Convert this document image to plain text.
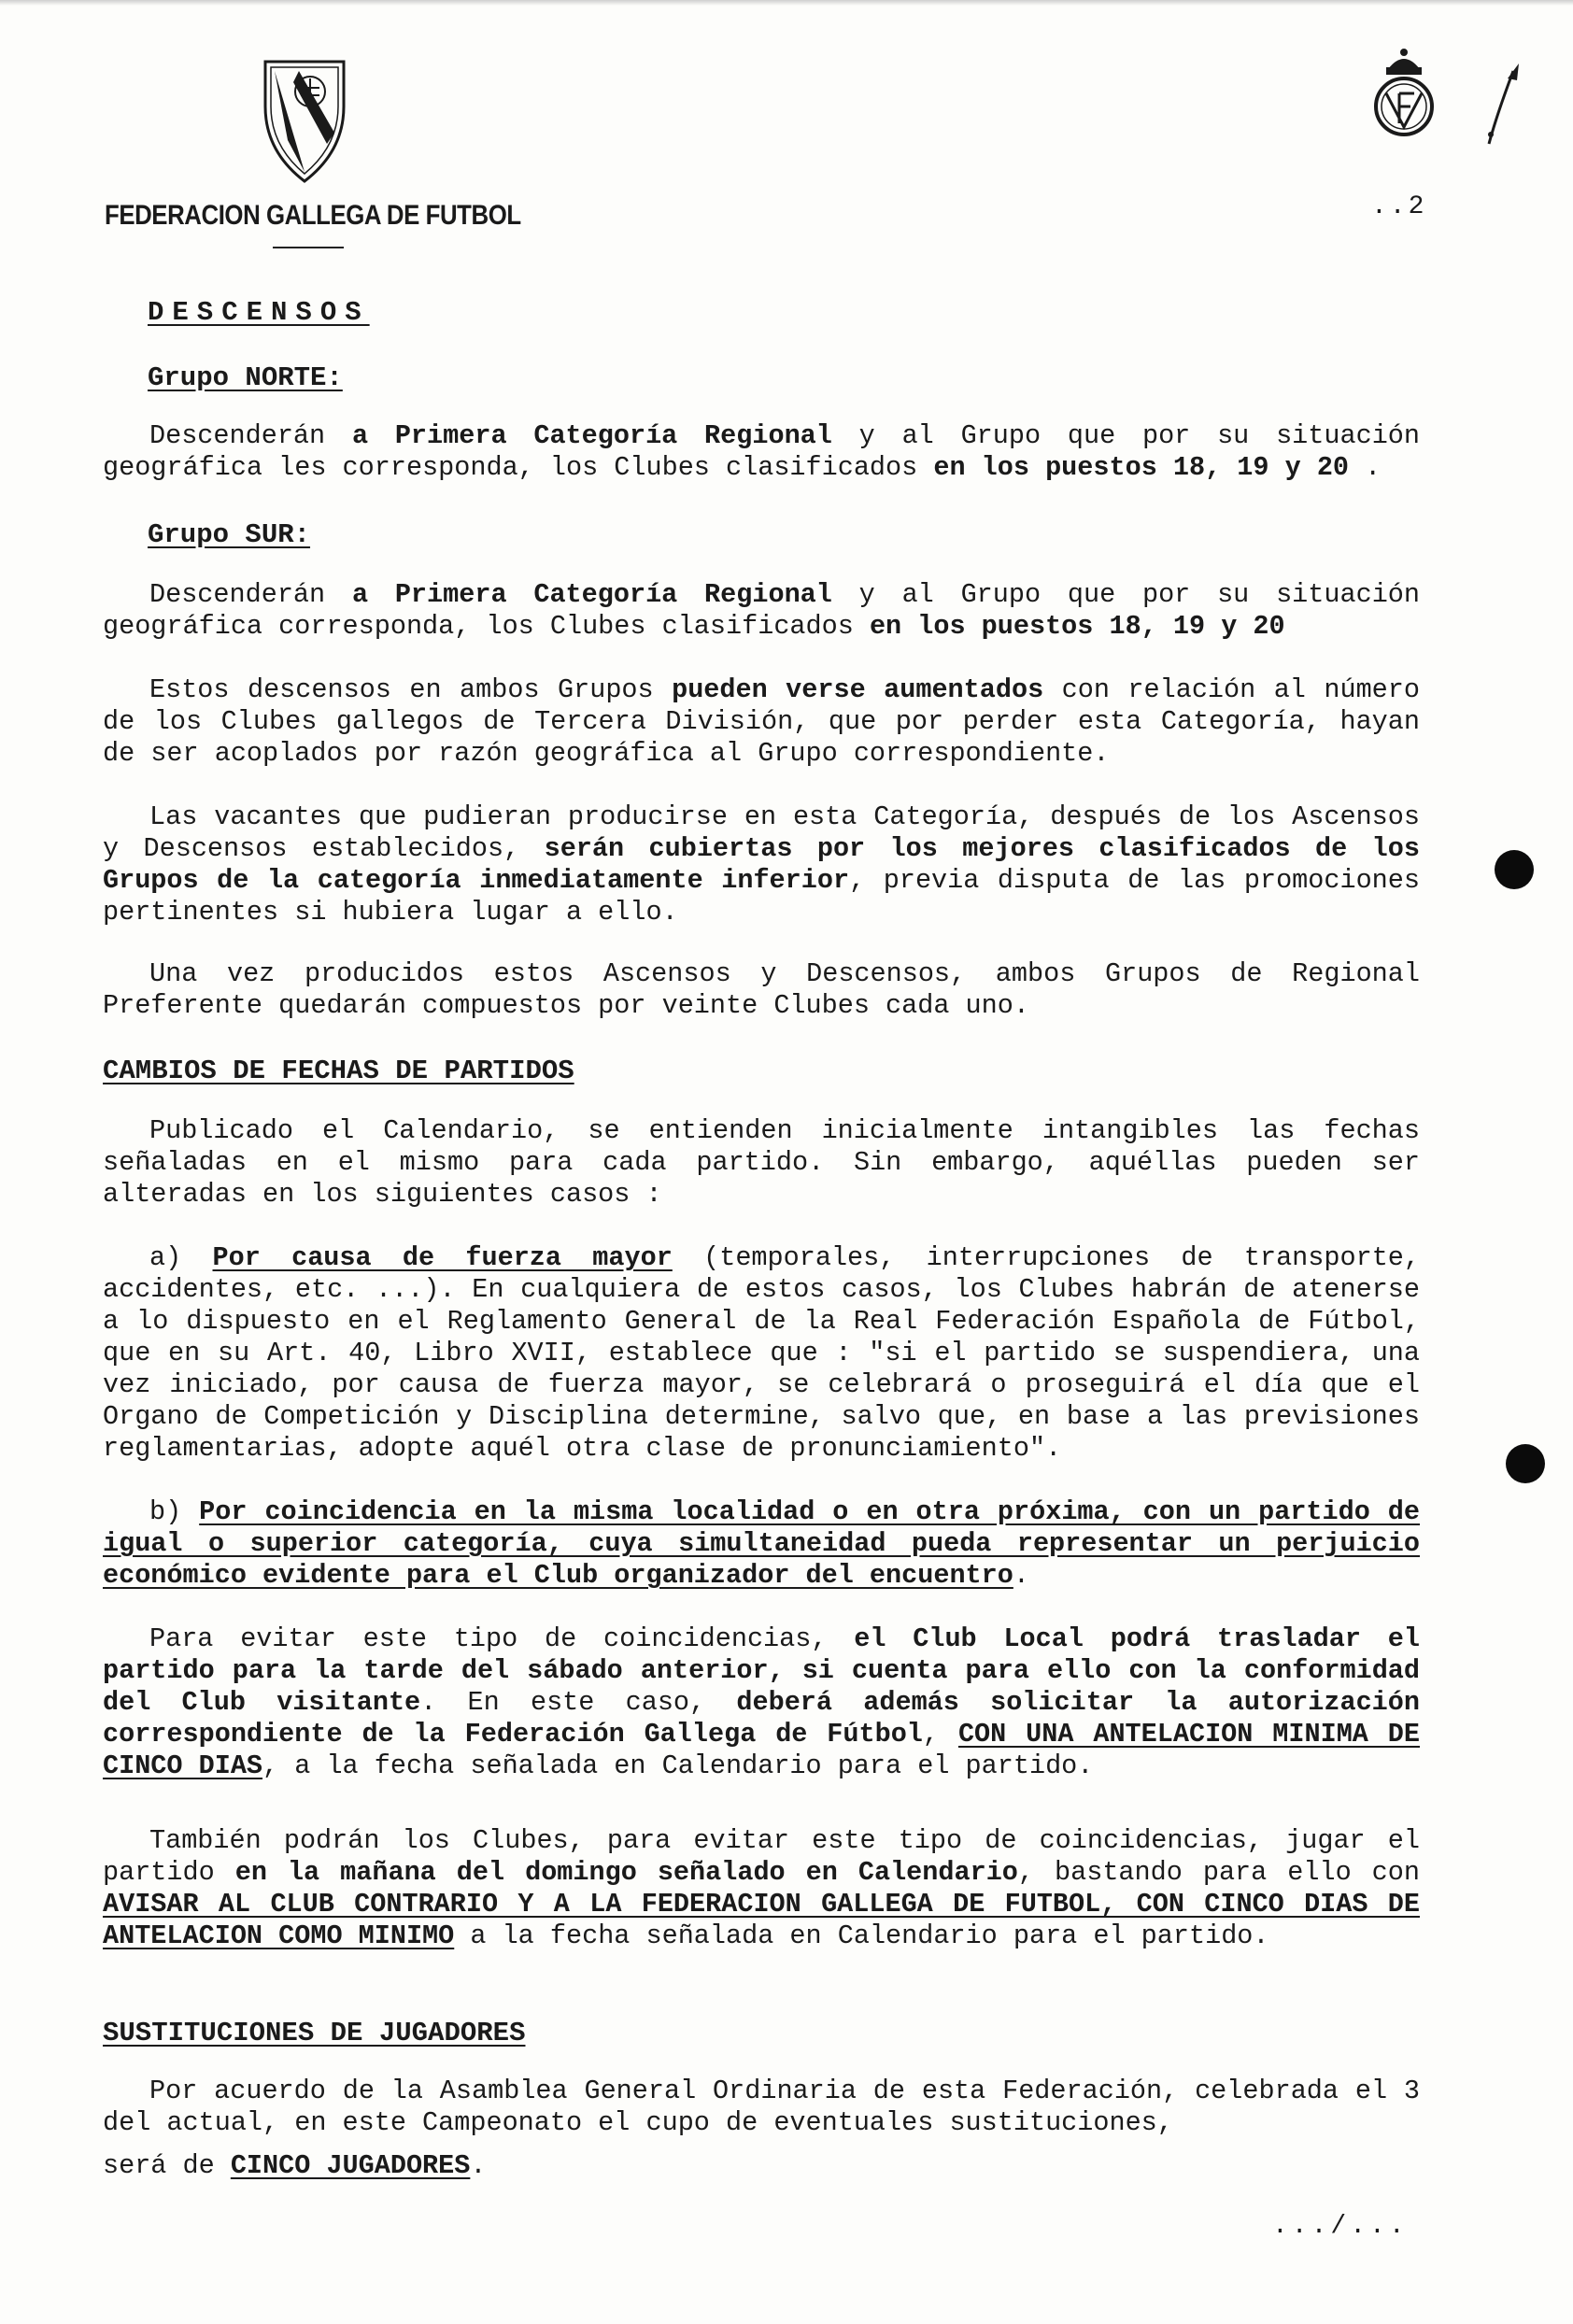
FEDERACION GALLEGA DE FUTBOL	..2
DESCENSOS
Grupo NORTE:
Descenderán a Primera Categoría Regional y al Grupo que por su situación geográfica les corresponda, los Clubes clasificados en los puestos 18, 19 y 20 .
Grupo SUR:
Descenderán a Primera Categoría Regional y al Grupo que por su situación geográfica corresponda, los Clubes clasificados en los puestos 18, 19 y 20
Estos descensos en ambos Grupos pueden verse aumentados con relación al número de los Clubes gallegos de Tercera División, que por perder esta Categoría, hayan de ser acoplados por razón geográfica al Grupo correspondiente.
Las vacantes que pudieran producirse en esta Categoría, después de los Ascensos y Descensos establecidos, serán cubiertas por los mejores clasificados de los Grupos de la categoría inmediatamente inferior, previa disputa de las promociones pertinentes si hubiera lugar a ello.
Una vez producidos estos Ascensos y Descensos, ambos Grupos de Regional Preferente quedarán compuestos por veinte Clubes cada uno.
CAMBIOS DE FECHAS DE PARTIDOS
Publicado el Calendario, se entienden inicialmente intangibles las fechas señaladas en el mismo para cada partido. Sin embargo, aquéllas pueden ser alteradas en los siguientes casos :
a) Por causa de fuerza mayor (temporales, interrupciones de transporte, accidentes, etc. ...). En cualquiera de estos casos, los Clubes habrán de atenerse a lo dispuesto en el Reglamento General de la Real Federación Española de Fútbol, que en su Art. 40, Libro XVII, establece que : "si el partido se suspendiera, una vez iniciado, por causa de fuerza mayor, se celebrará o proseguirá el día que el Organo de Competición y Disciplina determine, salvo que, en base a las previsiones reglamentarias, adopte aquél otra clase de pronunciamiento".
b) Por coincidencia en la misma localidad o en otra próxima, con un partido de igual o superior categoría, cuya simultaneidad pueda representar un perjuicio económico evidente para el Club organizador del encuentro.
Para evitar este tipo de coincidencias, el Club Local podrá trasladar el partido para la tarde del sábado anterior, si cuenta para ello con la conformidad del Club visitante. En este caso, deberá además solicitar la autorización correspondiente de la Federación Gallega de Fútbol, CON UNA ANTELACION MINIMA DE CINCO DIAS, a la fecha señalada en Calendario para el partido.
También podrán los Clubes, para evitar este tipo de coincidencias, jugar el partido en la mañana del domingo señalado en Calendario, bastando para ello con AVISAR AL CLUB CONTRARIO Y A LA FEDERACION GALLEGA DE FUTBOL, CON CINCO DIAS DE ANTELACION COMO MINIMO a la fecha señalada en Calendario para el partido.
SUSTITUCIONES DE JUGADORES
Por acuerdo de la Asamblea General Ordinaria de esta Federación, celebrada el 3 del actual, en este Campeonato el cupo de eventuales sustituciones,
será de CINCO JUGADORES.
.../...
